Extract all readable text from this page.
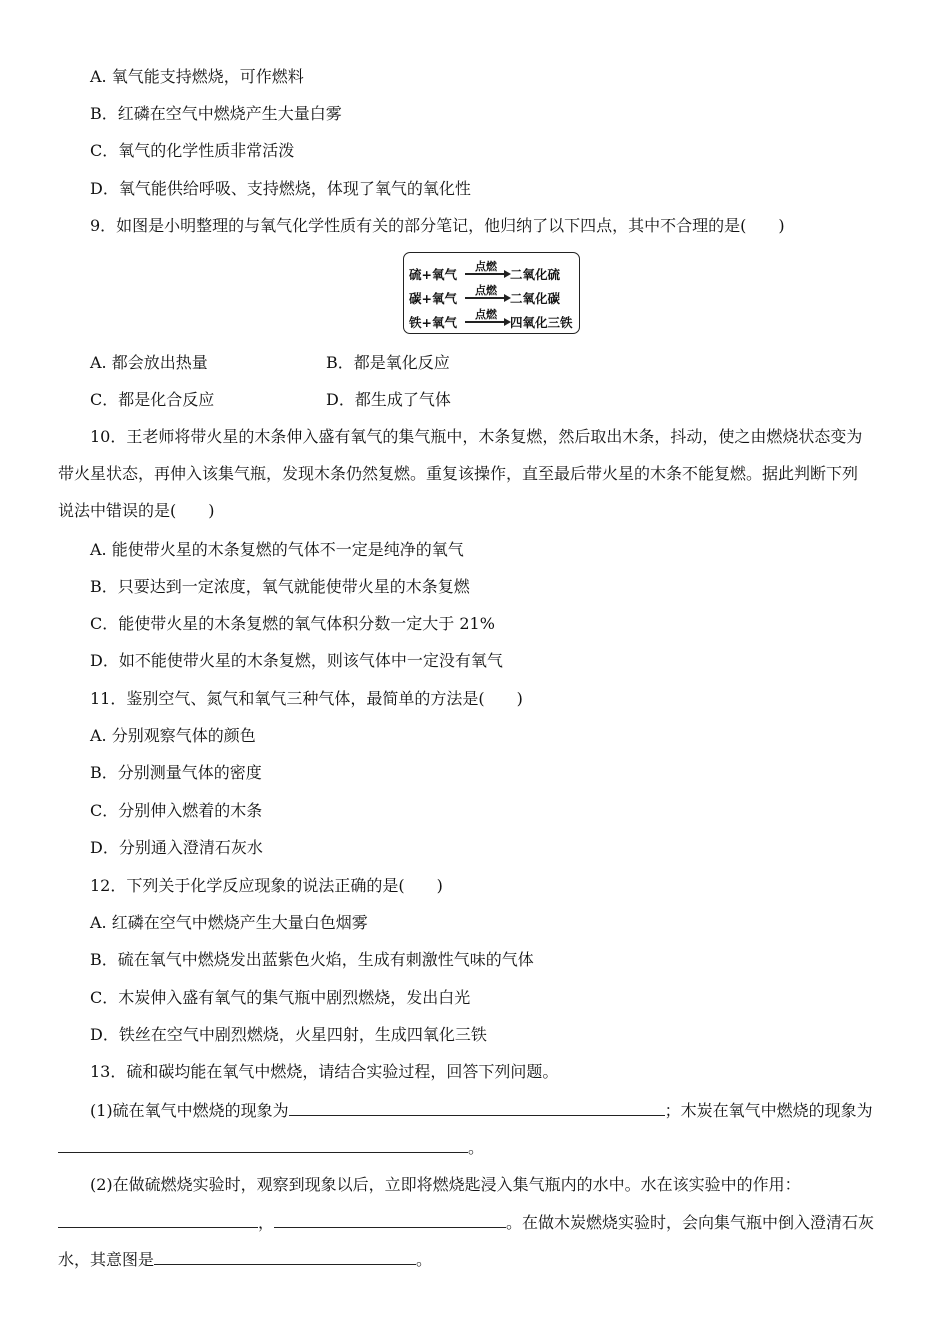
A. 氧气能支持燃烧，可作燃料
B．红磷在空气中燃烧产生大量白雾
C．氧气的化学性质非常活泼
D．氧气能供给呼吸、支持燃烧，体现了氧气的氧化性
9．如图是小明整理的与氧气化学性质有关的部分笔记，他归纳了以下四点，其中不合理的是(　　)
硫+氧气
点燃
二氧化硫
碳+氧气
点燃
二氧化碳
铁+氧气
点燃
四氧化三铁
A. 都会放出热量	B．都是氧化反应
C．都是化合反应	D．都生成了气体
10．王老师将带火星的木条伸入盛有氧气的集气瓶中，木条复燃，然后取出木条，抖动，使之由燃烧状态变为
带火星状态，再伸入该集气瓶，发现木条仍然复燃。重复该操作，直至最后带火星的木条不能复燃。据此判断下列
说法中错误的是(　　)
A. 能使带火星的木条复燃的气体不一定是纯净的氧气
B．只要达到一定浓度，氧气就能使带火星的木条复燃
C．能使带火星的木条复燃的氧气体积分数一定大于 21%
D．如不能使带火星的木条复燃，则该气体中一定没有氧气
11．鉴别空气、氮气和氧气三种气体，最简单的方法是(　　)
A. 分别观察气体的颜色
B．分别测量气体的密度
C．分别伸入燃着的木条
D．分别通入澄清石灰水
12．下列关于化学反应现象的说法正确的是(　　)
A. 红磷在空气中燃烧产生大量白色烟雾
B．硫在氧气中燃烧发出蓝紫色火焰，生成有刺激性气味的气体
C．木炭伸入盛有氧气的集气瓶中剧烈燃烧，发出白光
D．铁丝在空气中剧烈燃烧，火星四射，生成四氧化三铁
13．硫和碳均能在氧气中燃烧，请结合实验过程，回答下列问题。
(1)硫在氧气中燃烧的现象为	；木炭在氧气中燃烧的现象为
。
(2)在做硫燃烧实验时，观察到现象以后，立即将燃烧匙浸入集气瓶内的水中。水在该实验中的作用：
，	。在做木炭燃烧实验时，会向集气瓶中倒入澄清石灰
水，其意图是	。
